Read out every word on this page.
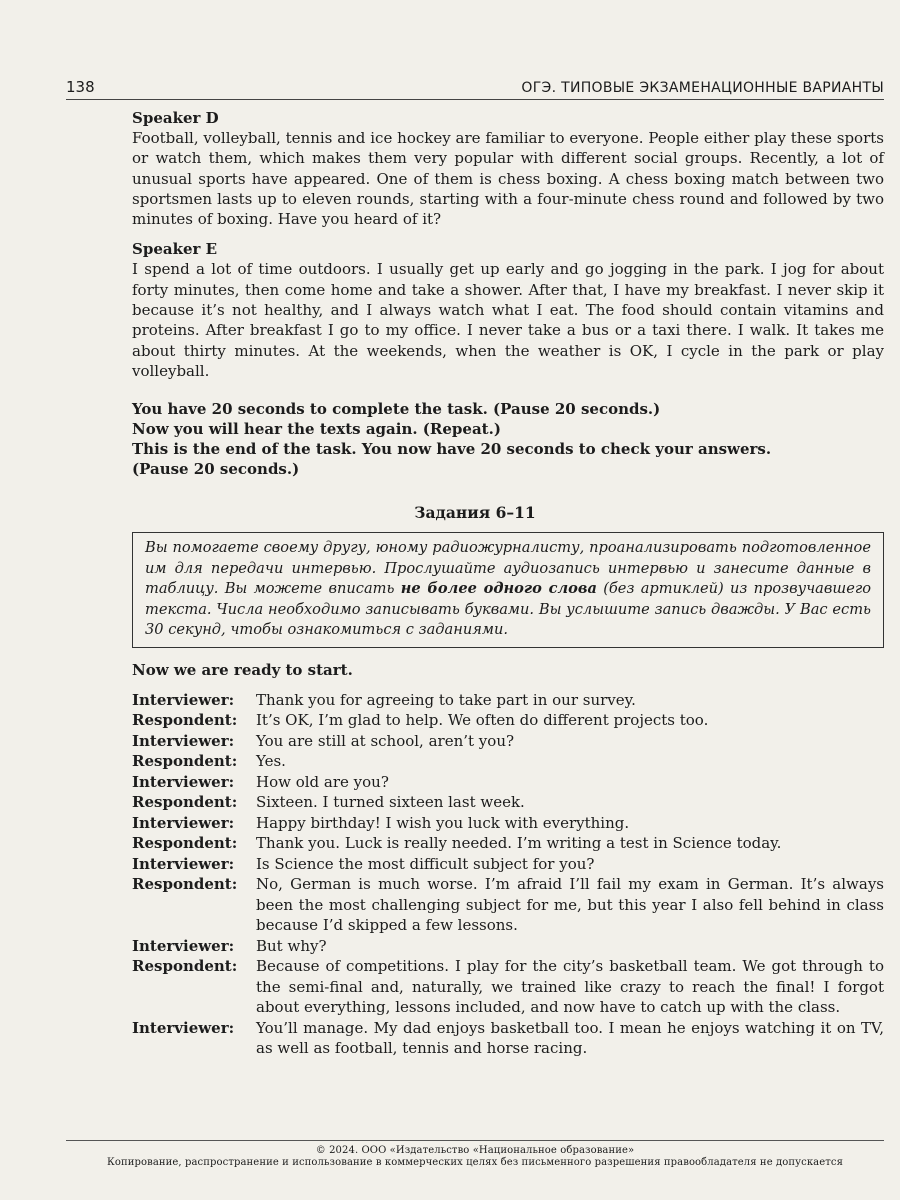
138	ОГЭ. ТИПОВЫЕ ЭКЗАМЕНАЦИОННЫЕ ВАРИАНТЫ
Speaker D

Football, volleyball, tennis and ice hockey are familiar to everyone. People either play these sports or watch them, which makes them very popular with different social groups. Recently, a lot of unusual sports have appeared. One of them is chess boxing. A chess boxing match between two sportsmen lasts up to eleven rounds, starting with a four-minute chess round and followed by two minutes of boxing. Have you heard of it?

Speaker E

I spend a lot of time outdoors. I usually get up early and go jogging in the park. I jog for about forty minutes, then come home and take a shower. After that, I have my breakfast. I never skip it because it’s not healthy, and I always watch what I eat. The food should contain vitamins and proteins. After breakfast I go to my office. I never take a bus or a taxi there. I walk. It takes me about thirty minutes. At the weekends, when the weather is OK, I cycle in the park or play volleyball.

You have 20 seconds to complete the task. (Pause 20 seconds.)
Now you will hear the texts again. (Repeat.)
This is the end of the task. You now have 20 seconds to check your answers.
(Pause 20 seconds.)
Задания 6–11
Вы помогаете своему другу, юному радиожурналисту, проанализировать подготовленное им для передачи интервью. Прослушайте аудиозапись интервью и занесите данные в таблицу. Вы можете вписать не более одного слова (без артиклей) из прозвучавшего текста. Числа необходимо записывать буквами. Вы услышите запись дважды. У Вас есть 30 секунд, чтобы ознакомиться с заданиями.
Now we are ready to start.
Interviewer:	Thank you for agreeing to take part in our survey.
Respondent:	It’s OK, I’m glad to help. We often do different projects too.
Interviewer:	You are still at school, aren’t you?
Respondent:	Yes.
Interviewer:	How old are you?
Respondent:	Sixteen. I turned sixteen last week.
Interviewer:	Happy birthday! I wish you luck with everything.
Respondent:	Thank you. Luck is really needed. I’m writing a test in Science today.
Interviewer:	Is Science the most difficult subject for you?
Respondent:	No, German is much worse. I’m afraid I’ll fail my exam in German. It’s always been the most challenging subject for me, but this year I also fell behind in class because I’d skipped a few lessons.
Interviewer:	But why?
Respondent:	Because of competitions. I play for the city’s basketball team. We got through to the semi-final and, naturally, we trained like crazy to reach the final! I forgot about everything, lessons included, and now have to catch up with the class.
Interviewer:	You’ll manage. My dad enjoys basketball too. I mean he enjoys watching it on TV, as well as football, tennis and horse racing.
© 2024. ООО «Издательство «Национальное образование»
Копирование, распространение и использование в коммерческих целях без письменного разрешения правообладателя не допускается
